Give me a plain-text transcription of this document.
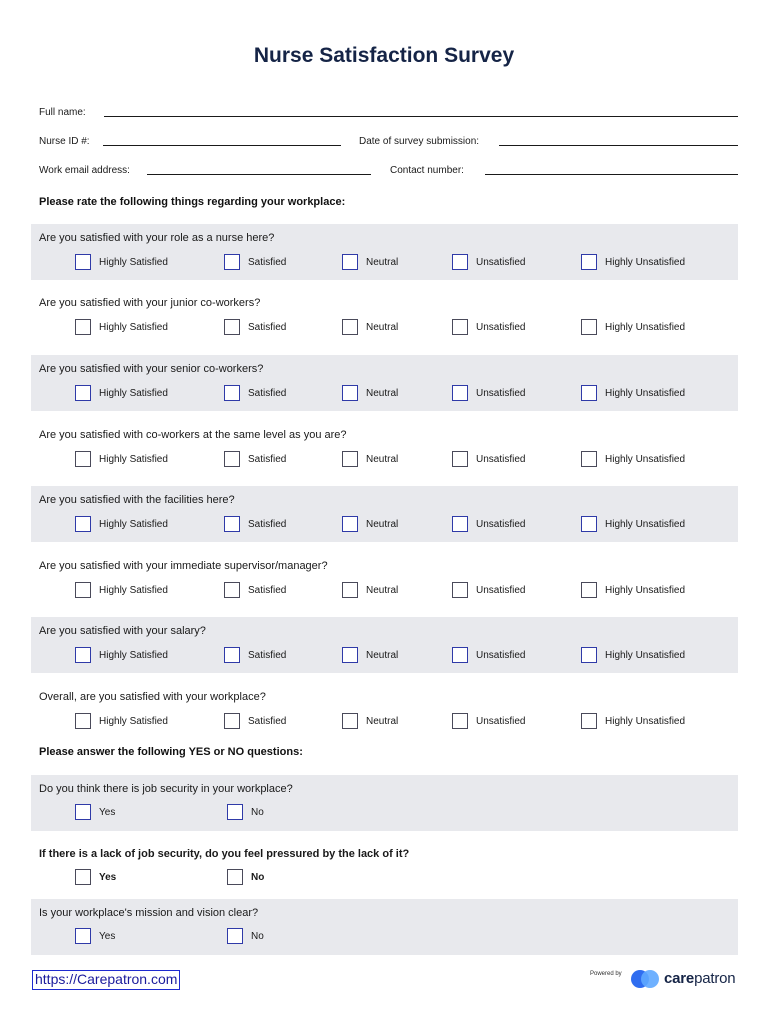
Nurse Satisfaction Survey
Full name:
Nurse ID #:	Date of survey submission:
Work email address:	Contact number:
Please rate the following things regarding your workplace:
Are you satisfied with your role as a nurse here?
Highly Satisfied	Satisfied	Neutral	Unsatisfied	Highly Unsatisfied
Are you satisfied with your junior co-workers?
Highly Satisfied	Satisfied	Neutral	Unsatisfied	Highly Unsatisfied
Are you satisfied with your senior co-workers?
Highly Satisfied	Satisfied	Neutral	Unsatisfied	Highly Unsatisfied
Are you satisfied with co-workers at the same level as you are?
Highly Satisfied	Satisfied	Neutral	Unsatisfied	Highly Unsatisfied
Are you satisfied with the facilities here?
Highly Satisfied	Satisfied	Neutral	Unsatisfied	Highly Unsatisfied
Are you satisfied with your immediate supervisor/manager?
Highly Satisfied	Satisfied	Neutral	Unsatisfied	Highly Unsatisfied
Are you satisfied with your salary?
Highly Satisfied	Satisfied	Neutral	Unsatisfied	Highly Unsatisfied
Overall, are you satisfied with your workplace?
Highly Satisfied	Satisfied	Neutral	Unsatisfied	Highly Unsatisfied
Please answer the following YES or NO questions:
Do you think there is job security in your workplace?
Yes	No
If there is a lack of job security, do you feel pressured by the lack of it?
Yes	No
Is your workplace's mission and vision clear?
Yes	No
https://Carepatron.com	Powered by	carepatron
